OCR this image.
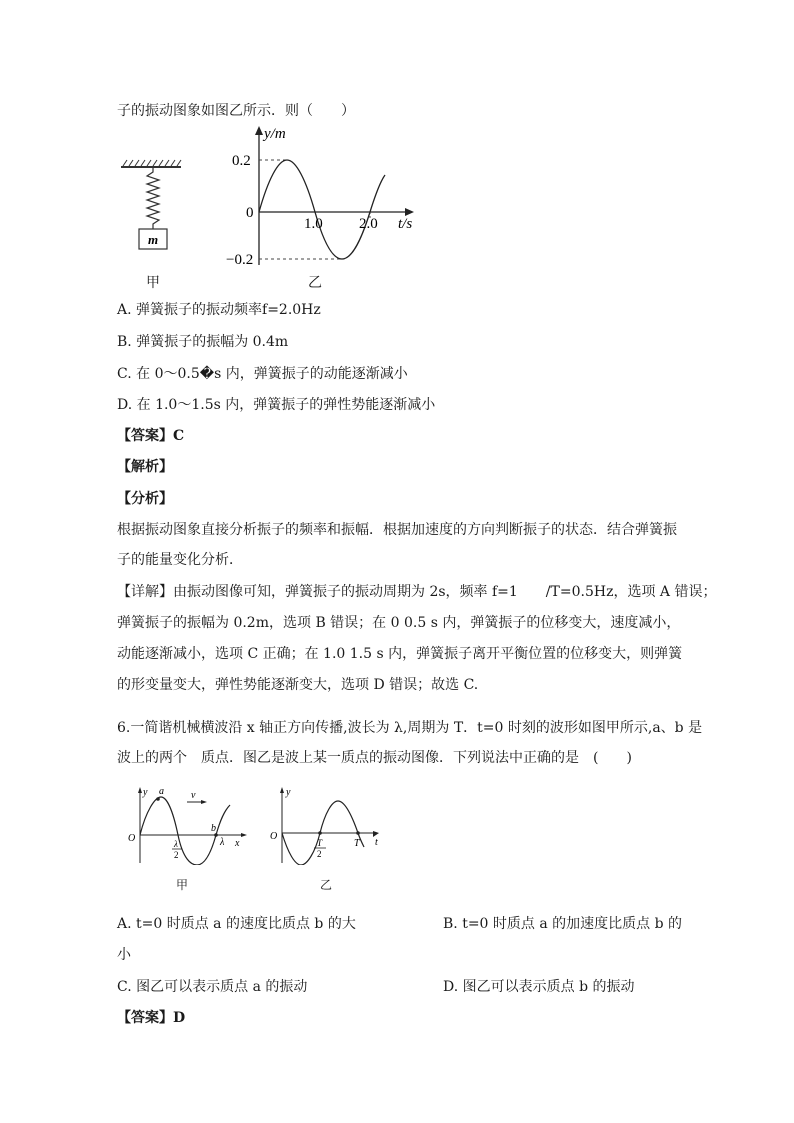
子的振动图象如图乙所示．则（　　）
m
甲
y/m
0.2
0
−0.2
1.0 2.0 t/s
乙
A. 弹簧振子的振动频率f=2.0Hz
B. 弹簧振子的振幅为 0.4m
C. 在 0～0.5�s 内，弹簧振子的动能逐渐减小
D. 在 1.0～1.5s 内，弹簧振子的弹性势能逐渐减小
【答案】C
【解析】
【分析】
根据振动图象直接分析振子的频率和振幅．根据加速度的方向判断振子的状态．结合弹簧振
子的能量变化分析．
【详解】由振动图像可知，弹簧振子的振动周期为 2s，频率 f=1　　/T=0.5Hz，选项 A 错误；
弹簧振子的振幅为 0.2m，选项 B 错误；在 0 0.5 s 内，弹簧振子的位移变大，速度减小，
动能逐渐减小，选项 C 正确；在 1.0 1.5 s 内，弹簧振子离开平衡位置的位移变大，则弹簧
的形变量变大，弹性势能逐渐变大，选项 D 错误；故选 C.
6.一简谐机械横波沿 x 轴正方向传播,波长为 λ,周期为 T．t=0 时刻的波形如图甲所示,a、b 是
波上的两个　质点．图乙是波上某一质点的振动图像．下列说法中正确的是　(　　)
y a	v
b
O	λ
2
λ x
甲
y
O
T
2
T t
乙
A. t=0 时质点 a 的速度比质点 b 的大	B. t=0 时质点 a 的加速度比质点 b 的
小
C. 图乙可以表示质点 a 的振动	D. 图乙可以表示质点 b 的振动
【答案】D
